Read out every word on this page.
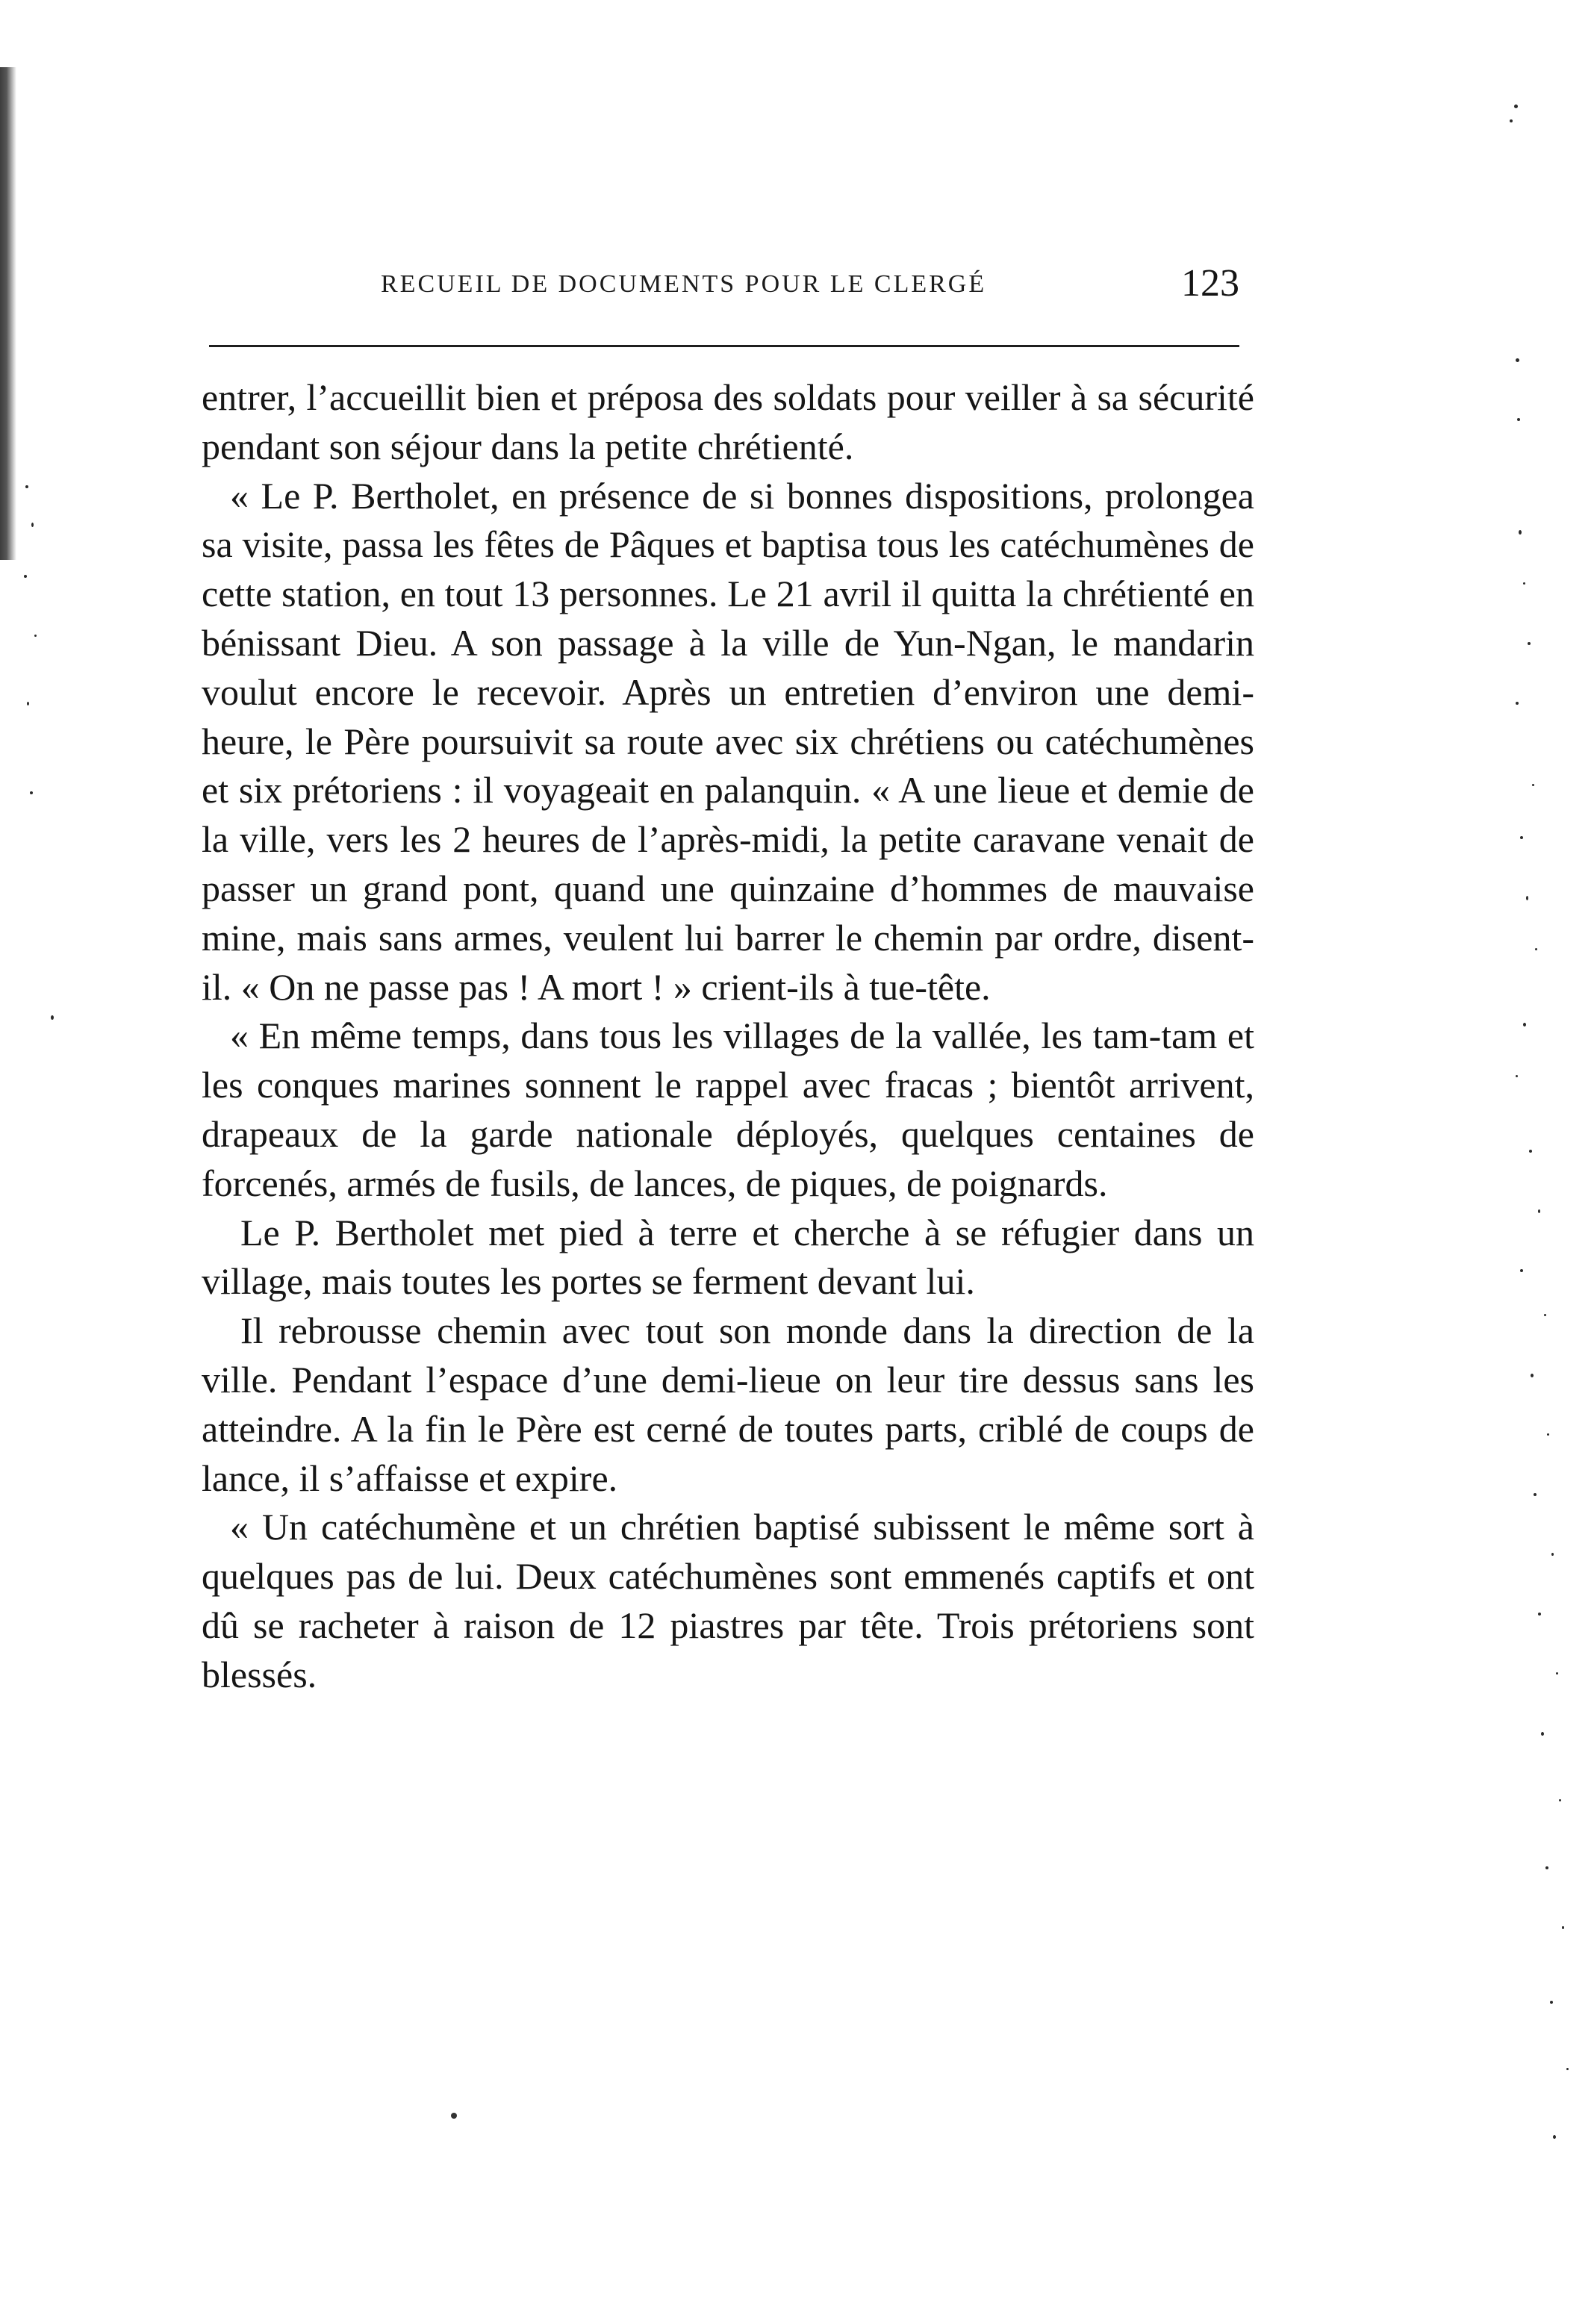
RECUEIL DE DOCUMENTS POUR LE CLERGÉ	123

entrer, l’accueillit bien et préposa des soldats pour veiller à sa sécurité pendant son séjour dans la petite chrétienté.

« Le P. Bertholet, en présence de si bonnes dispositions, prolongea sa visite, passa les fêtes de Pâques et baptisa tous les catéchumènes de cette station, en tout 13 personnes. Le 21 avril il quitta la chrétienté en bénissant Dieu. A son passage à la ville de Yun-Ngan, le mandarin voulut encore le recevoir. Après un entretien d’environ une demi-heure, le Père poursuivit sa route avec six chrétiens ou catéchumènes et six prétoriens : il voyageait en palanquin. « A une lieue et demie de la ville, vers les 2 heures de l’après-midi, la petite caravane venait de passer un grand pont, quand une quinzaine d’hommes de mauvaise mine, mais sans armes, veulent lui barrer le chemin par ordre, disent-il. « On ne passe pas ! A mort ! » crient-ils à tue-tête.

« En même temps, dans tous les villages de la vallée, les tam-tam et les conques marines sonnent le rappel avec fracas ; bientôt arrivent, drapeaux de la garde nationale déployés, quelques centaines de forcenés, armés de fusils, de lances, de piques, de poignards.

Le P. Bertholet met pied à terre et cherche à se réfugier dans un village, mais toutes les portes se ferment devant lui.

Il rebrousse chemin avec tout son monde dans la direction de la ville. Pendant l’espace d’une demi-lieue on leur tire dessus sans les atteindre. A la fin le Père est cerné de toutes parts, criblé de coups de lance, il s’affaisse et expire.

« Un catéchumène et un chrétien baptisé subissent le même sort à quelques pas de lui. Deux catéchumènes sont emmenés captifs et ont dû se racheter à raison de 12 piastres par tête. Trois prétoriens sont blessés.
